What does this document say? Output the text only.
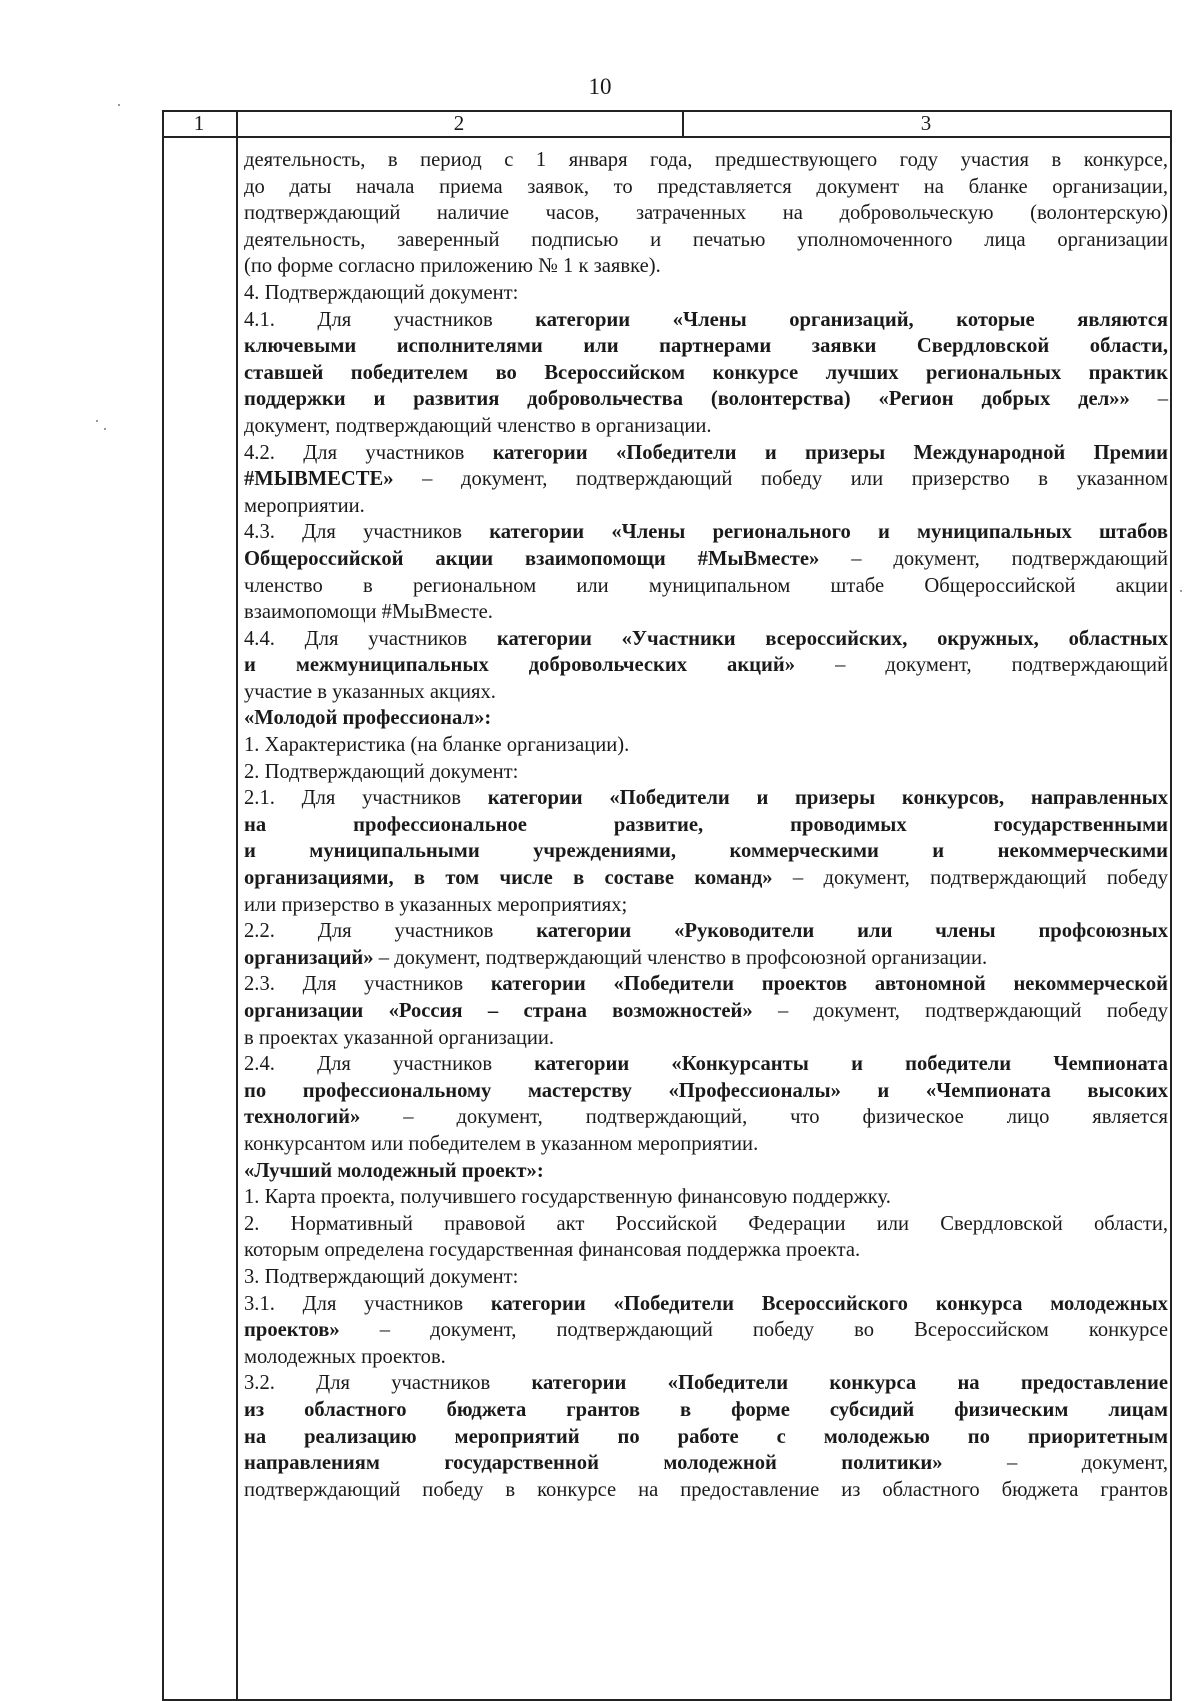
10
1	2	3
деятельность, в период с 1 января года, предшествующего году участия в конкурсе,
до даты начала приема заявок, то представляется документ на бланке организации,
подтверждающий наличие часов, затраченных на добровольческую (волонтерскую)
деятельность, заверенный подписью и печатью уполномоченного лица организации
(по форме согласно приложению № 1 к заявке).
4. Подтверждающий документ:
4.1. Для участников категории «Члены организаций, которые являются
ключевыми исполнителями или партнерами заявки Свердловской области,
ставшей победителем во Всероссийском конкурсе лучших региональных практик
поддержки и развития добровольчества (волонтерства) «Регион добрых дел»» –
документ, подтверждающий членство в организации.
4.2. Для участников категории «Победители и призеры Международной Премии
#МЫВМЕСТЕ» – документ, подтверждающий победу или призерство в указанном
мероприятии.
4.3. Для участников категории «Члены регионального и муниципальных штабов
Общероссийской акции взаимопомощи #МыВместе» – документ, подтверждающий
членство в региональном или муниципальном штабе Общероссийской акции
взаимопомощи #МыВместе.
4.4. Для участников категории «Участники всероссийских, окружных, областных
и межмуниципальных добровольческих акций» – документ, подтверждающий
участие в указанных акциях.
«Молодой профессионал»:
1. Характеристика (на бланке организации).
2. Подтверждающий документ:
2.1. Для участников категории «Победители и призеры конкурсов, направленных
на профессиональное развитие, проводимых государственными
и муниципальными учреждениями, коммерческими и некоммерческими
организациями, в том числе в составе команд» – документ, подтверждающий победу
или призерство в указанных мероприятиях;
2.2. Для участников категории «Руководители или члены профсоюзных
организаций» – документ, подтверждающий членство в профсоюзной организации.
2.3. Для участников категории «Победители проектов автономной некоммерческой
организации «Россия – страна возможностей» – документ, подтверждающий победу
в проектах указанной организации.
2.4. Для участников категории «Конкурсанты и победители Чемпионата
по профессиональному мастерству «Профессионалы» и «Чемпионата высоких
технологий» – документ, подтверждающий, что физическое лицо является
конкурсантом или победителем в указанном мероприятии.
«Лучший молодежный проект»:
1. Карта проекта, получившего государственную финансовую поддержку.
2. Нормативный правовой акт Российской Федерации или Свердловской области,
которым определена государственная финансовая поддержка проекта.
3. Подтверждающий документ:
3.1. Для участников категории «Победители Всероссийского конкурса молодежных
проектов» – документ, подтверждающий победу во Всероссийском конкурсе
молодежных проектов.
3.2. Для участников категории «Победители конкурса на предоставление
из областного бюджета грантов в форме субсидий физическим лицам
на реализацию мероприятий по работе с молодежью по приоритетным
направлениям государственной молодежной политики» – документ,
подтверждающий победу в конкурсе на предоставление из областного бюджета грантов
